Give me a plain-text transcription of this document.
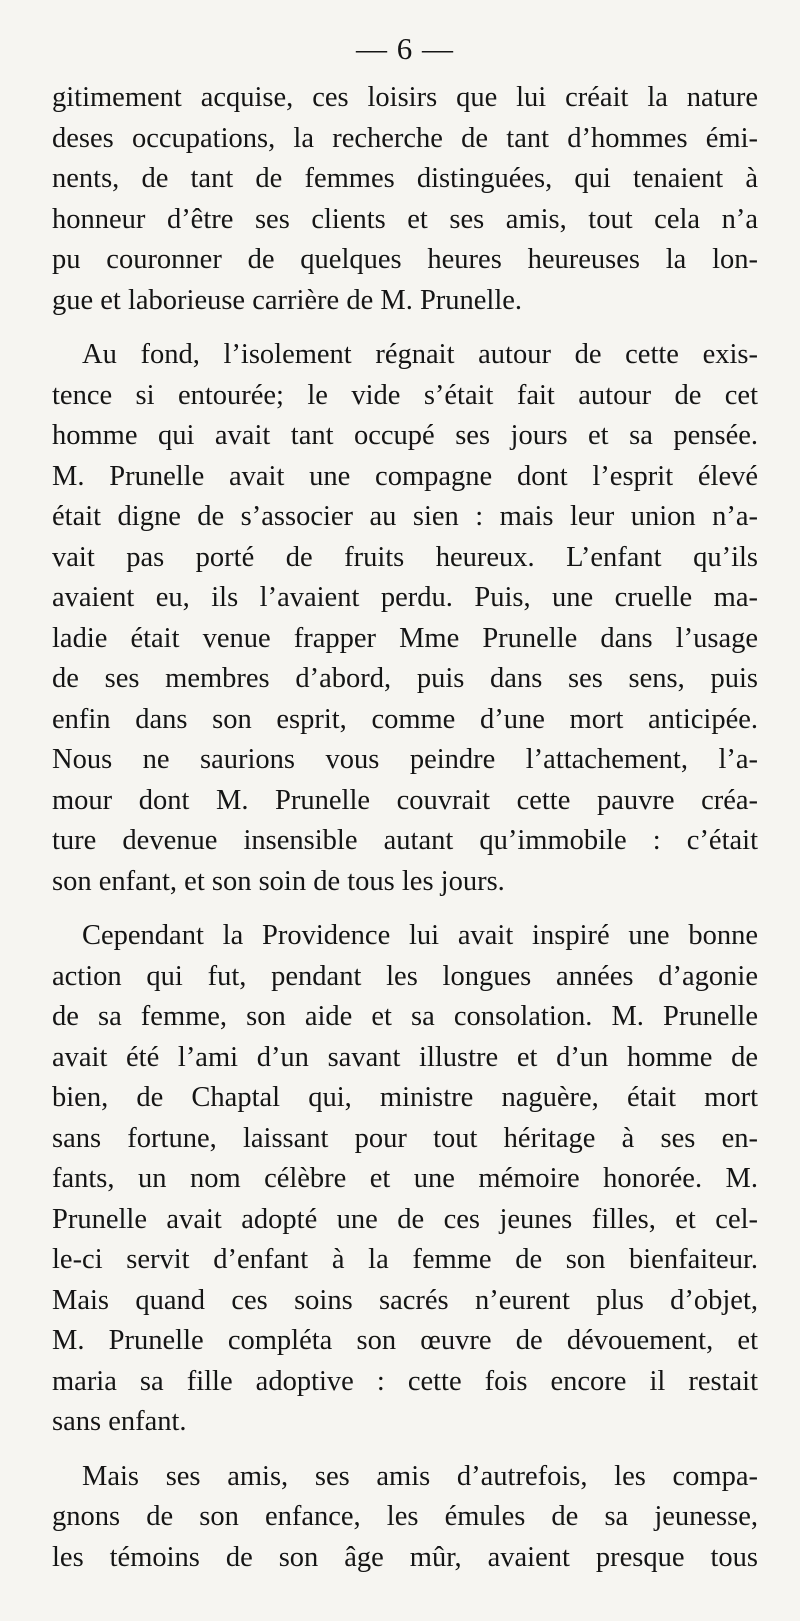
— 6 —
gitimement acquise, ces loisirs que lui créait la nature
deses occupations, la recherche de tant d’hommes émi-
nents, de tant de femmes distinguées, qui tenaient à
honneur d’être ses clients et ses amis, tout cela n’a
pu couronner de quelques heures heureuses la lon-
gue et laborieuse carrière de M. Prunelle.
Au fond, l’isolement régnait autour de cette exis-
tence si entourée; le vide s’était fait autour de cet
homme qui avait tant occupé ses jours et sa pensée.
M. Prunelle avait une compagne dont l’esprit élevé
était digne de s’associer au sien : mais leur union n’a-
vait pas porté de fruits heureux. L’enfant qu’ils
avaient eu, ils l’avaient perdu. Puis, une cruelle ma-
ladie était venue frapper Mme Prunelle dans l’usage
de ses membres d’abord, puis dans ses sens, puis
enfin dans son esprit, comme d’une mort anticipée.
Nous ne saurions vous peindre l’attachement, l’a-
mour dont M. Prunelle couvrait cette pauvre créa-
ture devenue insensible autant qu’immobile : c’était
son enfant, et son soin de tous les jours.
Cependant la Providence lui avait inspiré une bonne
action qui fut, pendant les longues années d’agonie
de sa femme, son aide et sa consolation. M. Prunelle
avait été l’ami d’un savant illustre et d’un homme de
bien, de Chaptal qui, ministre naguère, était mort
sans fortune, laissant pour tout héritage à ses en-
fants, un nom célèbre et une mémoire honorée. M.
Prunelle avait adopté une de ces jeunes filles, et cel-
le-ci servit d’enfant à la femme de son bienfaiteur.
Mais quand ces soins sacrés n’eurent plus d’objet,
M. Prunelle compléta son œuvre de dévouement, et
maria sa fille adoptive : cette fois encore il restait
sans enfant.
Mais ses amis, ses amis d’autrefois, les compa-
gnons de son enfance, les émules de sa jeunesse,
les témoins de son âge mûr, avaient presque tous
